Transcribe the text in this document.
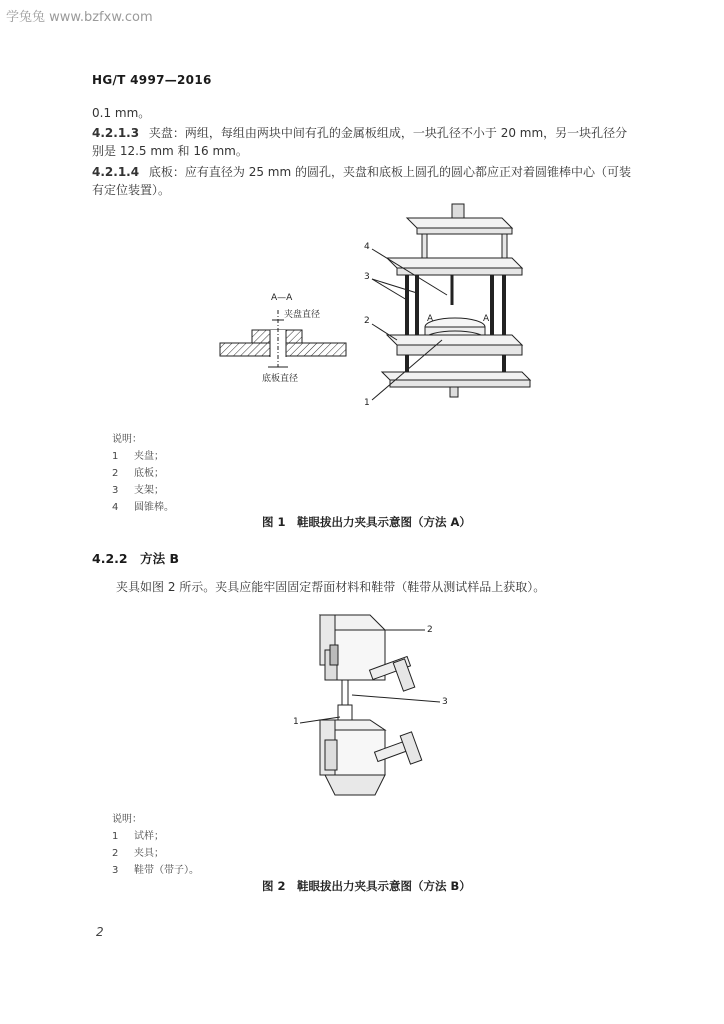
学兔兔 www.bzfxw.com
HG/T 4997—2016
0.1 mm。
4.2.1.3 夹盘：两组，每组由两块中间有孔的金属板组成，一块孔径不小于 20 mm，另一块孔径分
别是 12.5 mm 和 16 mm。
4.2.1.4 底板：应有直径为 25 mm 的圆孔，夹盘和底板上圆孔的圆心都应正对着圆锥棒中心（可装
有定位装置）。
A—A
夹盘直径
底板直径
4
3
2
1
A	A
说明：
1 夹盘；
2 底板；
3 支架；
4 圆锥棒。
图 1　鞋眼拔出力夹具示意图（方法 A）
4.2.2　方法 B
夹具如图 2 所示。夹具应能牢固固定帮面材料和鞋带（鞋带从测试样品上获取）。
2
3
1
说明：
1 试样；
2 夹具；
3 鞋带（带子）。
图 2　鞋眼拔出力夹具示意图（方法 B）
2
